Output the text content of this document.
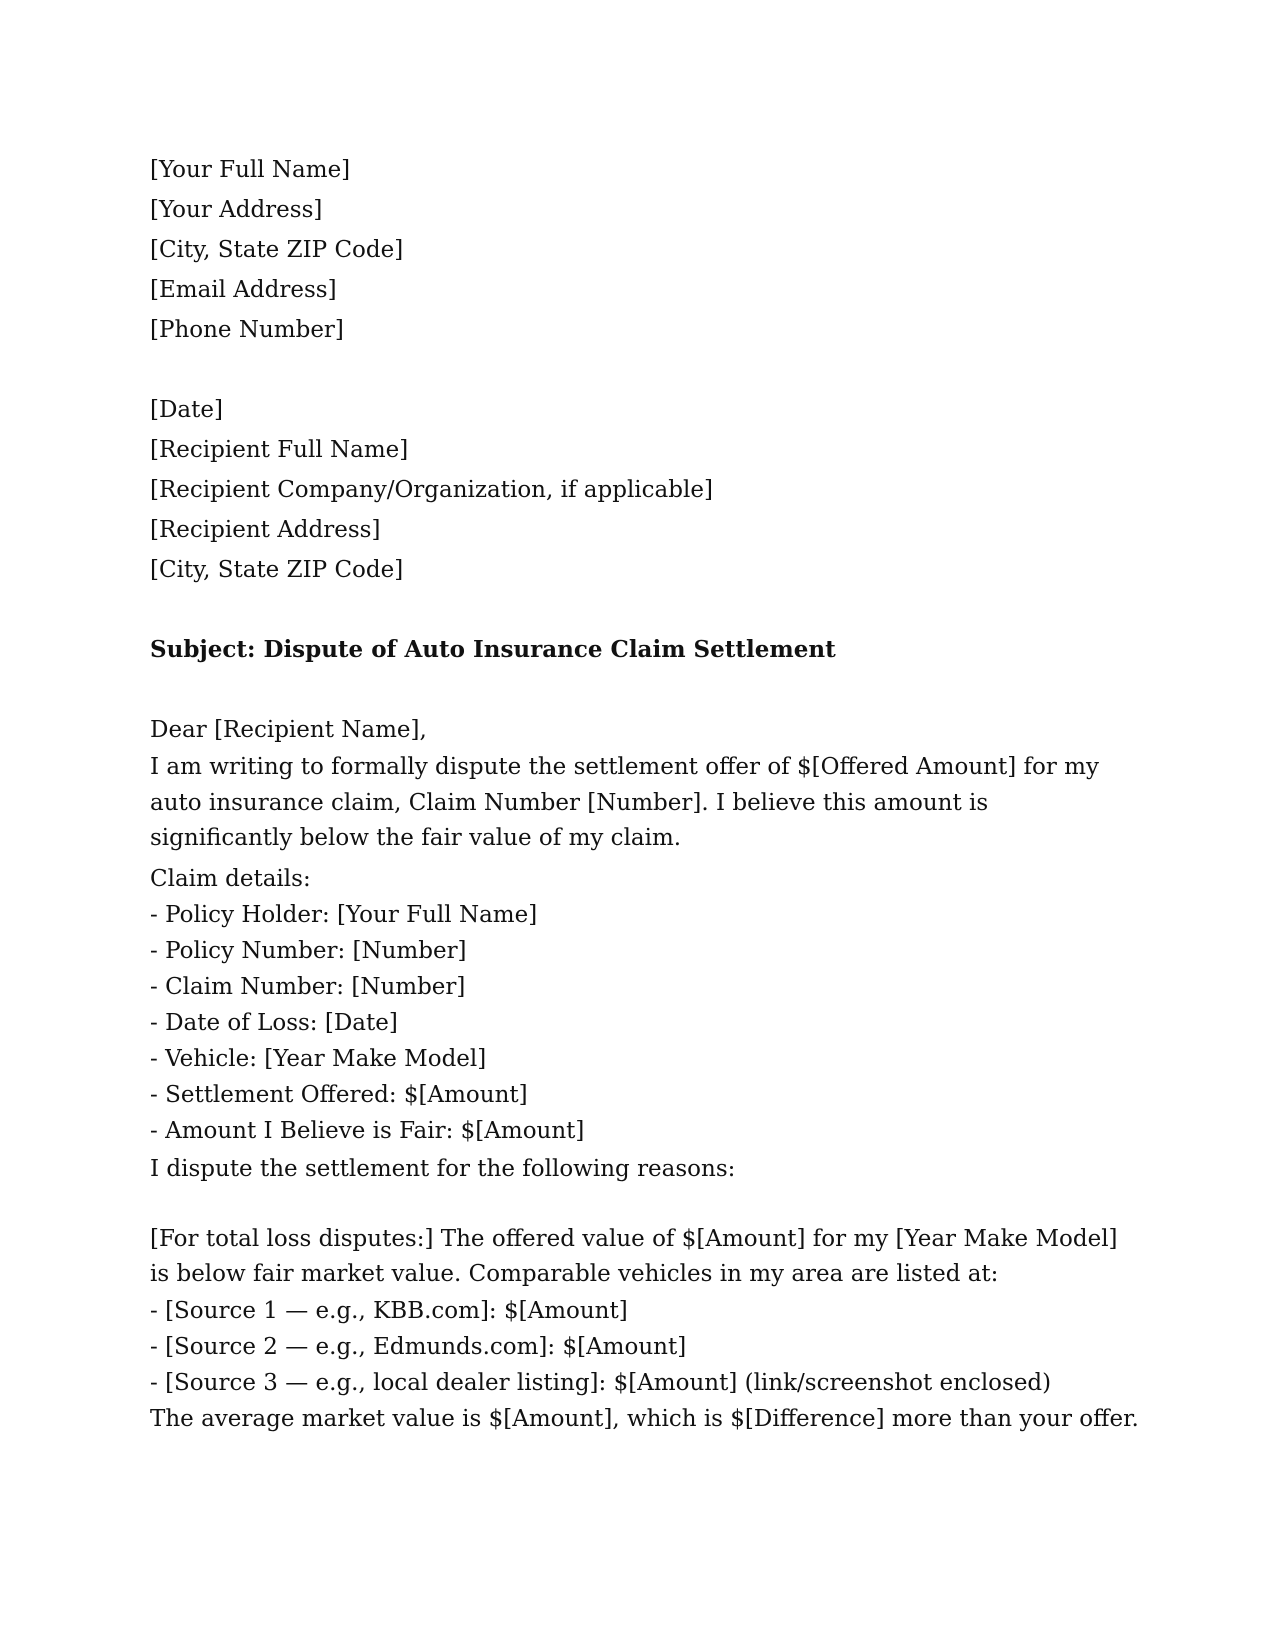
[Your Full Name]
[Your Address]
[City, State ZIP Code]
[Email Address]
[Phone Number]
[Date]
[Recipient Full Name]
[Recipient Company/Organization, if applicable]
[Recipient Address]
[City, State ZIP Code]
Subject: Dispute of Auto Insurance Claim Settlement
Dear [Recipient Name],

I am writing to formally dispute the settlement offer of $[Offered Amount] for my auto insurance claim, Claim Number [Number]. I believe this amount is significantly below the fair value of my claim.

Claim details:
- Policy Holder: [Your Full Name]
- Policy Number: [Number]
- Claim Number: [Number]
- Date of Loss: [Date]
- Vehicle: [Year Make Model]
- Settlement Offered: $[Amount]
- Amount I Believe is Fair: $[Amount]
I dispute the settlement for the following reasons:

[For total loss disputes:] The offered value of $[Amount] for my [Year Make Model] is below fair market value. Comparable vehicles in my area are listed at:

- [Source 1 — e.g., KBB.com]: $[Amount]
- [Source 2 — e.g., Edmunds.com]: $[Amount]
- [Source 3 — e.g., local dealer listing]: $[Amount] (link/screenshot enclosed)
The average market value is $[Amount], which is $[Difference] more than your offer.
